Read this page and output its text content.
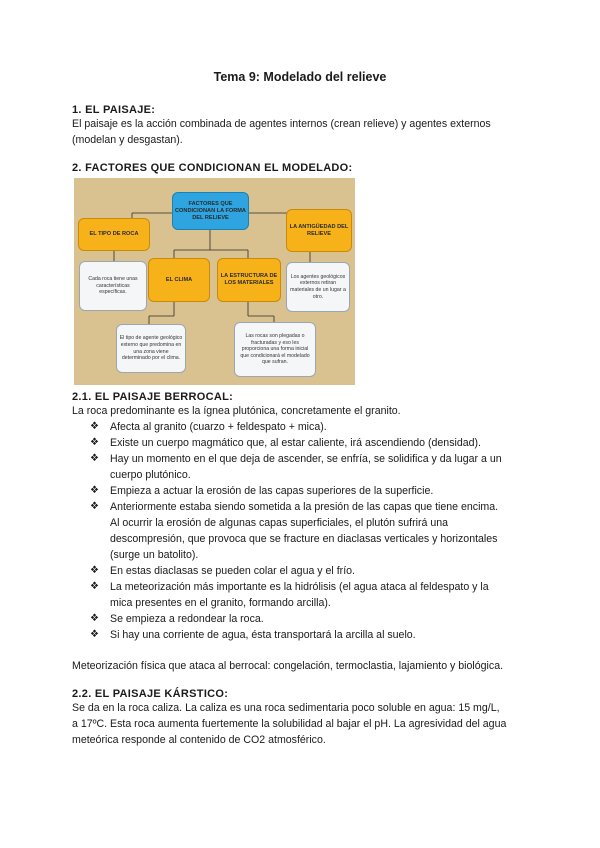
Tema 9: Modelado del relieve
1. EL PAISAJE:
El paisaje es la acción combinada de agentes internos (crean relieve) y agentes externos
(modelan y desgastan).
2. FACTORES QUE CONDICIONAN EL MODELADO:
FACTORES QUE CONDICIONAN LA FORMA DEL RELIEVE
EL TIPO DE ROCA
LA ANTIGÜEDAD DEL RELIEVE
EL CLIMA
LA ESTRUCTURA DE LOS MATERIALES
Cada roca tiene unas características específicas.
Los agentes geológicos externos retiran materiales de un lugar a otro.
El tipo de agente geológico externo que predomina en una zona viene determinado por el clima.
Las rocas son plegadas o fracturadas y eso les proporciona una forma inicial que condicionará el modelado que sufran.
2.1. EL PAISAJE BERROCAL:
La roca predominante es la ígnea plutónica, concretamente el granito.
❖	Afecta al granito (cuarzo + feldespato + mica).
❖	Existe un cuerpo magmático que, al estar caliente, irá ascendiendo (densidad).
❖	Hay un momento en el que deja de ascender, se enfría, se solidifica y da lugar a un
cuerpo plutónico.
❖	Empieza a actuar la erosión de las capas superiores de la superficie.
❖	Anteriormente estaba siendo sometida a la presión de las capas que tiene encima.
Al ocurrir la erosión de algunas capas superficiales, el plutón sufrirá una
descompresión, que provoca que se fracture en diaclasas verticales y horizontales
(surge un batolito).
❖	En estas diaclasas se pueden colar el agua y el frío.
❖	La meteorización más importante es la hidrólisis (el agua ataca al feldespato y la
mica presentes en el granito, formando arcilla).
❖	Se empieza a redondear la roca.
❖	Si hay una corriente de agua, ésta transportará la arcilla al suelo.
Meteorización física que ataca al berrocal: congelación, termoclastia, lajamiento y biológica.
2.2. EL PAISAJE KÁRSTICO:
Se da en la roca caliza. La caliza es una roca sedimentaria poco soluble en agua: 15 mg/L,
a 17ºC. Esta roca aumenta fuertemente la solubilidad al bajar el pH. La agresividad del agua
meteórica responde al contenido de CO2 atmosférico.
